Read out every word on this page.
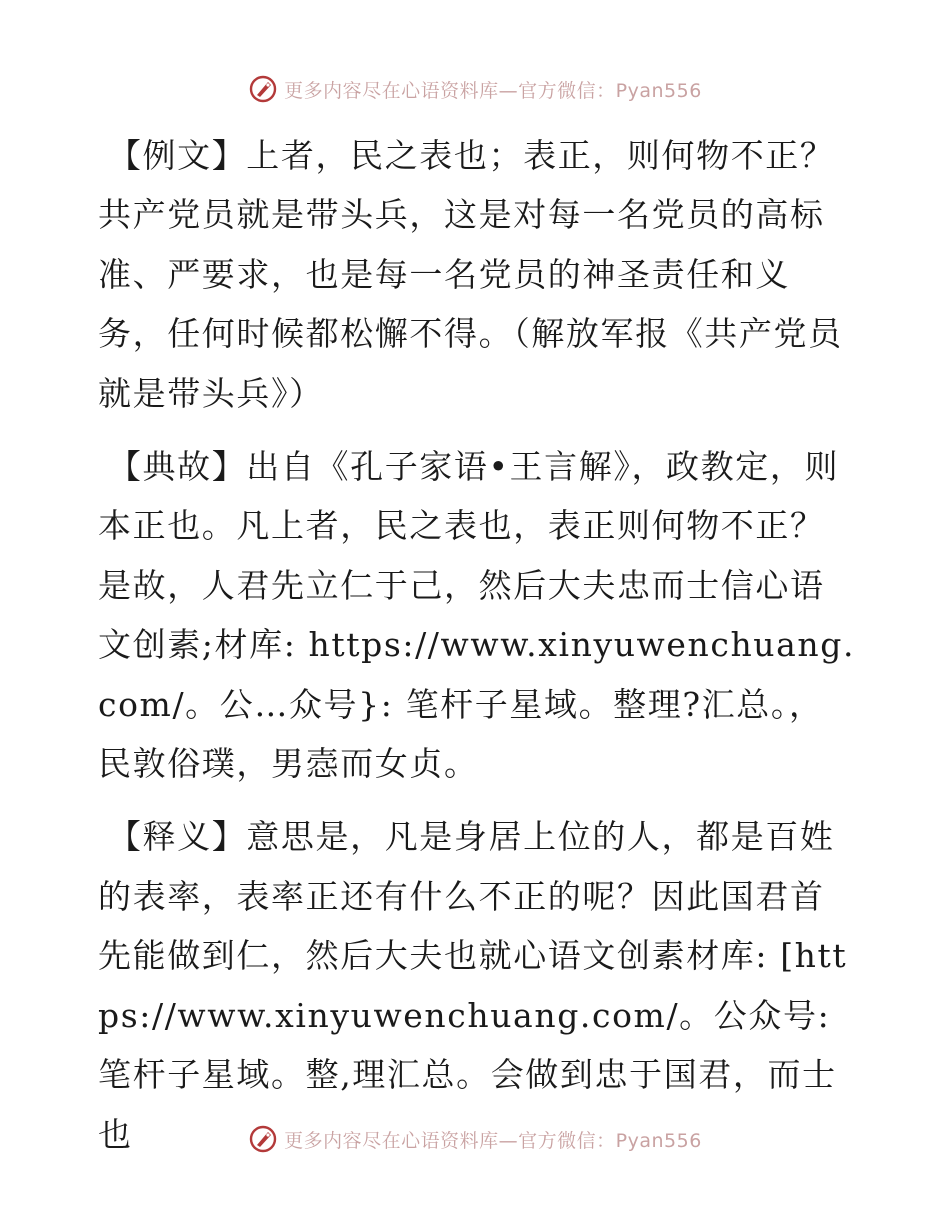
更多内容尽在心语资料库—官方微信：Pyan556

【例文】上者，民之表也；表正，则何物不正？共产党员就是带头兵，这是对每一名党员的高标准、严要求，也是每一名党员的神圣责任和义务，任何时候都松懈不得。（解放军报《共产党员就是带头兵》）

【典故】出自《孔子家语•王言解》，政教定，则本正也。凡上者，民之表也，表正则何物不正？是故，人君先立仁于己，然后大夫忠而士信心语文创素;材库: https://www.xinyuwenchuang.com/。公…众号}: 笔杆子星域。整理?汇总。，民敦俗璞，男悫而女贞。

【释义】意思是，凡是身居上位的人，都是百姓的表率，表率正还有什么不正的呢？因此国君首先能做到仁，然后大夫也就心语文创素材库: [https://www.xinyuwenchuang.com/。公众号: 笔杆子星域。整,理汇总。会做到忠于国君，而士也	更多内容尽在心语资料库—官方微信：Pyan556
